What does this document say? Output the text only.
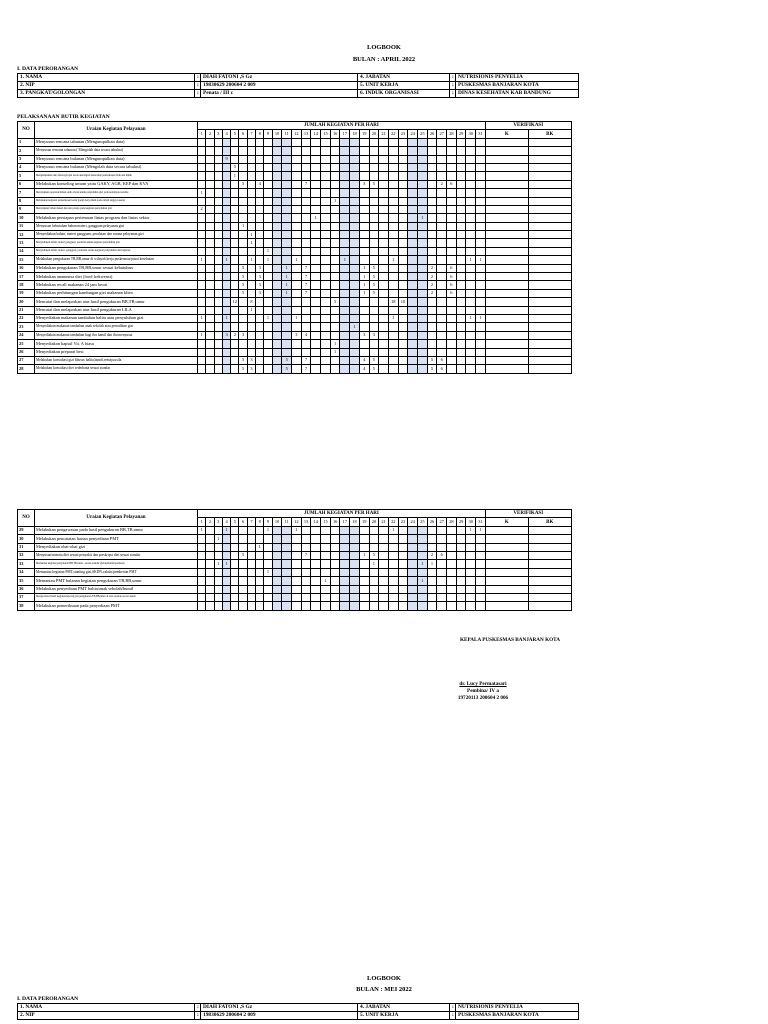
LOGBOOK
BULAN : APRIL 2022
I. DATA PERORANGAN
1. NAMA	:	DIAH FATONI ,S Gz	4. JABATAN	:	NUTRISIONIS PENYELIA
2. NIP	:	19830629 200604 2 009	5. UNIT KERJA	:	PUSKESMAS BANJARAN KOTA
3. PANGKAT/GOLONGAN	:	Penata / III c	6. INDUK ORGANISASI	:	DINAS KESEHATAN KAB BANDUNG
PELAKSANAAN BUTIR KEGIATAN
NO	Uraian Kegiatan Pelayanan	JUMLAH KEGIATAN PER HARI																															VERIFIKASI	
		1	2	3	4	5	6	7	8	9	10	11	12	13	14	15	16	17	18	19	20	21	22	23	24	25	26	27	28	29	30	31	K	BK
1	Menyusun rencana tahunan (Mengumpulkan data)																																	
2	Menyusun rencana tahunan ( Mengolah data secara tabulasi)																																	
3	Menyusun rencana bulanan (Mengumpulkan data)				9																													
4	Menyusun rencana bulanan (Mengolah data secara tabulasi)					5																												
5	Mengumpulkan data fisiologis gizi secara kelompok mencakup pemeriksaan fisik dan klinik					1																												
6	Melakukan konseling umum yaitu GAKY, AGB, KEP dan KVA						5		4					7						3	5							2	6					
7	Menyiapkan peralatan/bahan audio visual untuk penyuluhan gizi pada kelompok tertentu	1																																
8	Melakukan kegiatan pemeriksaan kadar garam beryodium pada rumah tangga sasaran																1																	
9	Menyiapkan bahan materi dan alat peraga pada kegiatan penyuluhan gizi	2																																
10	Melakukan persiapan pertemuan lintas program dan lintas sektor														1											1								
11	Menyusun kebutuhan bahan materi, gangguan pelayanan gizi						1																											
12	Menyediakan bahan, materi gangguan, peralatan dan sarana pelayanan gizi							1																										
13	Menyediakan bahan, materi gangguan, peralatan untuk kegiatan penyuluhan gizi							1																										
14	Menyediakan bahan, materi, gangguan, peralatan sarana kegiatan penyuluhan dan kegiatan									1																								
15	Melakukan pengukuran TB,BB,umur di wilayah kerja puskesmas/pusat kesehatan	1			1			1		1			1					1					1								1	1		
16	Melakukan pengukuran TB,BB,umur sesuai kebutuhan						5		3			1		7						1	5						2		6					
17	Melakukan anamnesa diet (food frekwensi)						5		3			1		7						1	5						2		6					
18	Melakukan recall makanan 24 jam lawat						5		3			1		7						1	5						2		6					
19	Melakukan perhitungan kandungan gizi makanan klien						5		3			1		7						1	5						2		6					
20	Mencatat dan melaporkan atas hasil pengukuran BB,TB,umur					12		8									5						18	10										
21	Mencatat dan melaporkan atas hasil pengukuran LILA							1																										
22	Menyediakan makanan tambahan balita atau penyuluhan gizi	1			1					1			1										1								1	1		
23	Menyediakan makanan tambahan anak sekolah atau pemulihan gizi																		1															
24	Menyediakan makanan tambahan bagi ibu hamil dan ibu menyusui	1			3	2	3						3	4						3	3													
25	Menyediakan kapsul Vit. A biasa																1																	
26	Menyediakan preparat besi																1																	
27	Melakukan konsultasi gizi khusus balita,bumil,remaja,usila						5	3				5		7						4	5						5	6						
28	Melakukan konsultasi diet sederhana sesuai standar						5	3				5		7						4	5						5	6						
NO	Uraian Kegiatan Pelayanan	JUMLAH KEGIATAN PER HARI																															VERIFIKASI	
		1	2	3	4	5	6	7	8	9	10	11	12	13	14	15	16	17	18	19	20	21	22	23	24	25	26	27	28	29	30	31	K	BK
29	Melakukan pengawasan pada hasil pengukuran BB,TB,umur	1			1					1			1										1								1	1		
30	Melakukan pencatatan harian penyediaan PMT			1																														
31	Menyediakan obat-obat gizi								1																									
32	Menyusun/menata diet sesuai penyakit dan preskripsi diet sesuai standar						5							7						1	5						2	6						
33	Memantau kegiatan penyaluran BB,TB,umur - sesuai standar gizi/kematian/penderita			1	1																1					1	1							
34	Memantau kegiatan PMT,stunting gizi,SKDN,vaksin/pemberian PMT									1																								
35	Memantau PMT bulanan kegiatan pengukuran TB,BB,umur															1										1								
36	Melakukan penyediaan PMT balita/anak sekolah/bumil																																	
37	Mengevaluasi hasil kegiatan/laporan gizi pengukuran TB,BB,umur di atas layanan secara akurat																																	
38	Melakukan pemeriksaan pada penyediaan PMT																																	
KEPALA PUSKESMAS BANJARAN KOTA
dr. Lucy Permatasari
Pembina/ IV a
19720113 200604 2 006
LOGBOOK
BULAN : MEI 2022
I. DATA PERORANGAN
1. NAMA	:	DIAH FATONI ,S Gz	4. JABATAN	:	NUTRISIONIS PENYELIA
2. NIP	:	19830629 200604 2 009	5. UNIT KERJA	:	PUSKESMAS BANJARAN KOTA
